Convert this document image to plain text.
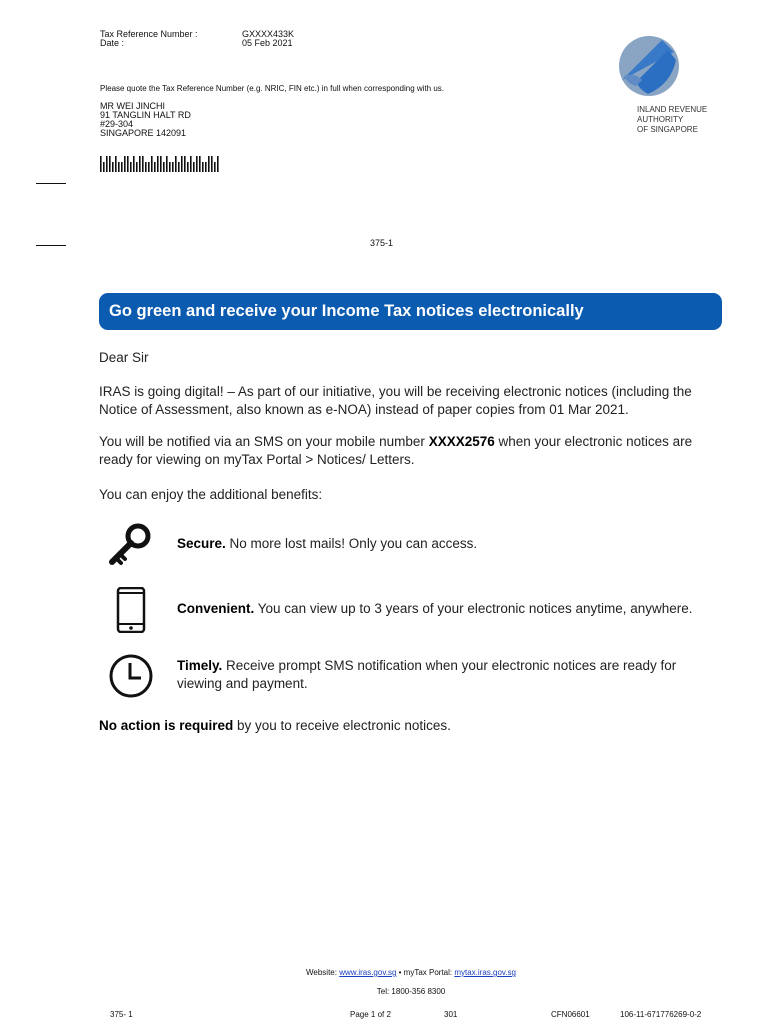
Tax Reference Number :	GXXXX433K
Date :	05 Feb 2021
Please quote the Tax Reference Number (e.g. NRIC, FIN etc.) in full when corresponding with us.
MR WEI JINCHI
91 TANGLIN HALT RD
#29-304
SINGAPORE 142091
INLAND REVENUE
AUTHORITY
OF SINGAPORE
375-1
Go green and receive your Income Tax notices electronically
Dear Sir
IRAS is going digital! – As part of our initiative, you will be receiving electronic notices (including the Notice of Assessment, also known as e-NOA) instead of paper copies from 01 Mar 2021.
You will be notified via an SMS on your mobile number XXXX2576 when your electronic notices are ready for viewing on myTax Portal > Notices/ Letters.
You can enjoy the additional benefits:
Secure. No more lost mails! Only you can access.
Convenient. You can view up to 3 years of your electronic notices anytime, anywhere.
Timely. Receive prompt SMS notification when your electronic notices are ready for viewing and payment.
No action is required by you to receive electronic notices.
Website: www.iras.gov.sg • myTax Portal: mytax.iras.gov.sg
Tel: 1800-356 8300
375- 1	Page 1 of 2	301	CFN06601	106-11-671776269-0-2
